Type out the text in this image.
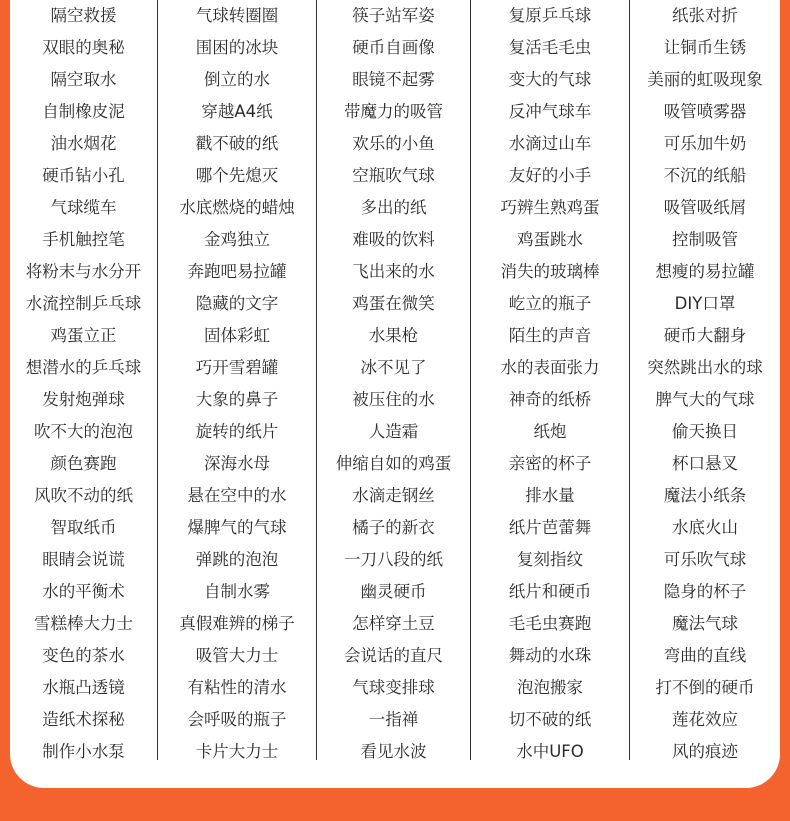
隔空救援
双眼的奥秘
隔空取水
自制橡皮泥
油水烟花
硬币钻小孔
气球缆车
手机触控笔
将粉末与水分开
水流控制乒乓球
鸡蛋立正
想潜水的乒乓球
发射炮弹球
吹不大的泡泡
颜色赛跑
风吹不动的纸
智取纸币
眼睛会说谎
水的平衡术
雪糕棒大力士
变色的茶水
水瓶凸透镜
造纸术探秘
制作小水泵
气球转圈圈
围困的冰块
倒立的水
穿越A4纸
戳不破的纸
哪个先熄灭
水底燃烧的蜡烛
金鸡独立
奔跑吧易拉罐
隐藏的文字
固体彩虹
巧开雪碧罐
大象的鼻子
旋转的纸片
深海水母
悬在空中的水
爆脾气的气球
弹跳的泡泡
自制水雾
真假难辨的梯子
吸管大力士
有粘性的清水
会呼吸的瓶子
卡片大力士
筷子站军姿
硬币自画像
眼镜不起雾
带魔力的吸管
欢乐的小鱼
空瓶吹气球
多出的纸
难吸的饮料
飞出来的水
鸡蛋在微笑
水果枪
冰不见了
被压住的水
人造霜
伸缩自如的鸡蛋
水滴走钢丝
橘子的新衣
一刀八段的纸
幽灵硬币
怎样穿土豆
会说话的直尺
气球变排球
一指禅
看见水波
复原乒乓球
复活毛毛虫
变大的气球
反冲气球车
水滴过山车
友好的小手
巧辨生熟鸡蛋
鸡蛋跳水
消失的玻璃棒
屹立的瓶子
陌生的声音
水的表面张力
神奇的纸桥
纸炮
亲密的杯子
排水量
纸片芭蕾舞
复刻指纹
纸片和硬币
毛毛虫赛跑
舞动的水珠
泡泡搬家
切不破的纸
水中UFO
纸张对折
让铜币生锈
美丽的虹吸现象
吸管喷雾器
可乐加牛奶
不沉的纸船
吸管吸纸屑
控制吸管
想瘦的易拉罐
DIY口罩
硬币大翻身
突然跳出水的球
脾气大的气球
偷天换日
杯口悬叉
魔法小纸条
水底火山
可乐吹气球
隐身的杯子
魔法气球
弯曲的直线
打不倒的硬币
莲花效应
风的痕迹
